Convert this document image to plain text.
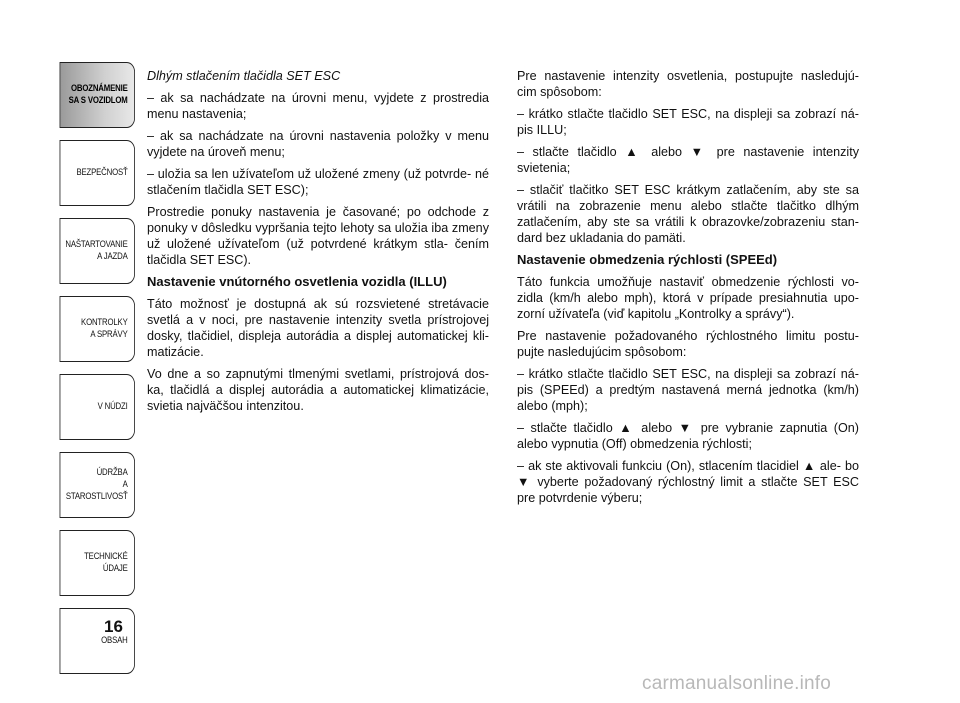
OBOZNÁMENIE
SA S VOZIDLOM
BEZPEČNOSŤ
NAŠTARTOVANIE
A JAZDA
KONTROLKY
A SPRÁVY
V NÚDZI
ÚDRŽBA
A STAROSTLIVOSŤ
TECHNICKÉ
ÚDAJE
OBSAH
16

Dlhým stlačením tlačidla SET ESC

– ak sa nachádzate na úrovni menu, vyjdete z prostredia menu nastavenia;

– ak sa nachádzate na úrovni nastavenia položky v menu vyjdete na úroveň menu;

– uložia sa len užívateľom už uložené zmeny (už potvrde- né stlačením tlačidla SET ESC);

Prostredie ponuky nastavenia je časované; po odchode z ponuky v dôsledku vypršania tejto lehoty sa uložia iba zmeny už uložené užívateľom (už potvrdené krátkym stla- čením tlačidla SET ESC).

Nastavenie vnútorného osvetlenia vozidla (ILLU)

Táto možnosť je dostupná ak sú rozsvietené stretávacie svetlá a v noci, pre nastavenie intenzity svetla prístrojovej dosky, tlačidiel, displeja autorádia a displej automatickej kli- matizácie.

Vo dne a so zapnutými tlmenými svetlami, prístrojová dos- ka, tlačidlá a displej autorádia a automatickej klimatizácie, svietia najväčšou intenzitou.

Pre nastavenie intenzity osvetlenia, postupujte nasledujú- cim spôsobom:

– krátko stlačte tlačidlo SET ESC, na displeji sa zobrazí ná- pis ILLU;

– stlačte tlačidlo ▲ alebo ▼ pre nastavenie intenzity svietenia;

– stlačiť tlačitko SET ESC krátkym zatlačením, aby ste sa vrátili na zobrazenie menu alebo stlačte tlačitko dlhým zatlačením, aby ste sa vrátili k obrazovke/zobrazeniu stan- dard bez ukladania do pamäti.

Nastavenie obmedzenia rýchlosti (SPEEd)

Táto funkcia umožňuje nastaviť obmedzenie rýchlosti vo- zidla (km/h alebo mph), ktorá v prípade presiahnutia upo- zorní užívateľa (viď kapitolu „Kontrolky a správy“).

Pre nastavenie požadovaného rýchlostného limitu postu- pujte nasledujúcim spôsobom:

– krátko stlačte tlačidlo SET ESC, na displeji sa zobrazí ná- pis (SPEEd) a predtým nastavená merná jednotka (km/h) alebo (mph);

– stlačte tlačidlo ▲ alebo ▼ pre vybranie zapnutia (On) alebo vypnutia (Off) obmedzenia rýchlosti;

– ak ste aktivovali funkciu (On), stlacením tlacidiel ▲ ale- bo ▼ vyberte požadovaný rýchlostný limit a stlačte SET ESC pre potvrdenie výberu;

carmanualsonline.info
